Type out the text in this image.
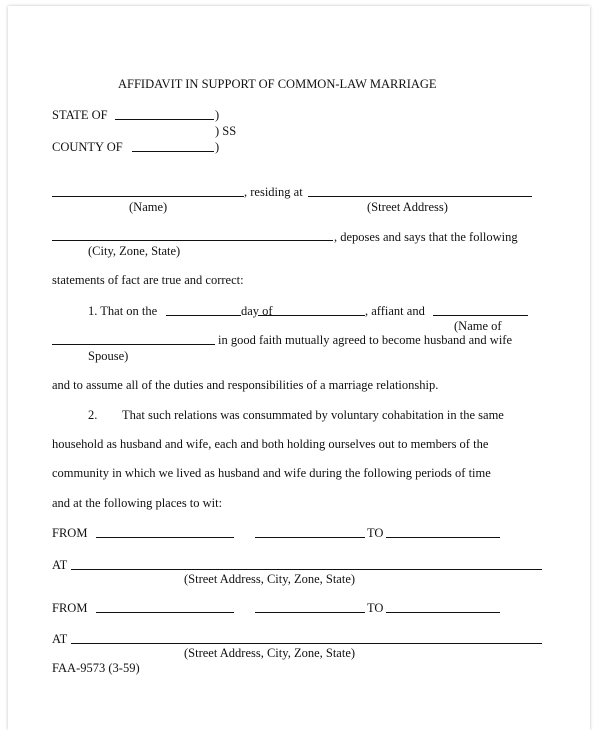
AFFIDAVIT IN SUPPORT OF COMMON-LAW MARRIAGE
STATE OF	)
) SS
COUNTY OF	)
, residing at
(Name)	(Street Address)
, deposes and says that the following
(City, Zone, State)
statements of fact are true and correct:
1. That on the	day of	, affiant and
(Name of
in good faith mutually agreed to become husband and wife
Spouse)
and to assume all of the duties and responsibilities of a marriage relationship.
2. That such relations was consummated by voluntary cohabitation in the same
household as husband and wife, each and both holding ourselves out to members of the
community in which we lived as husband and wife during the following periods of time
and at the following places to wit:
FROM	TO
AT
(Street Address, City, Zone, State)
FROM	TO
AT
(Street Address, City, Zone, State)
FAA-9573 (3-59)
